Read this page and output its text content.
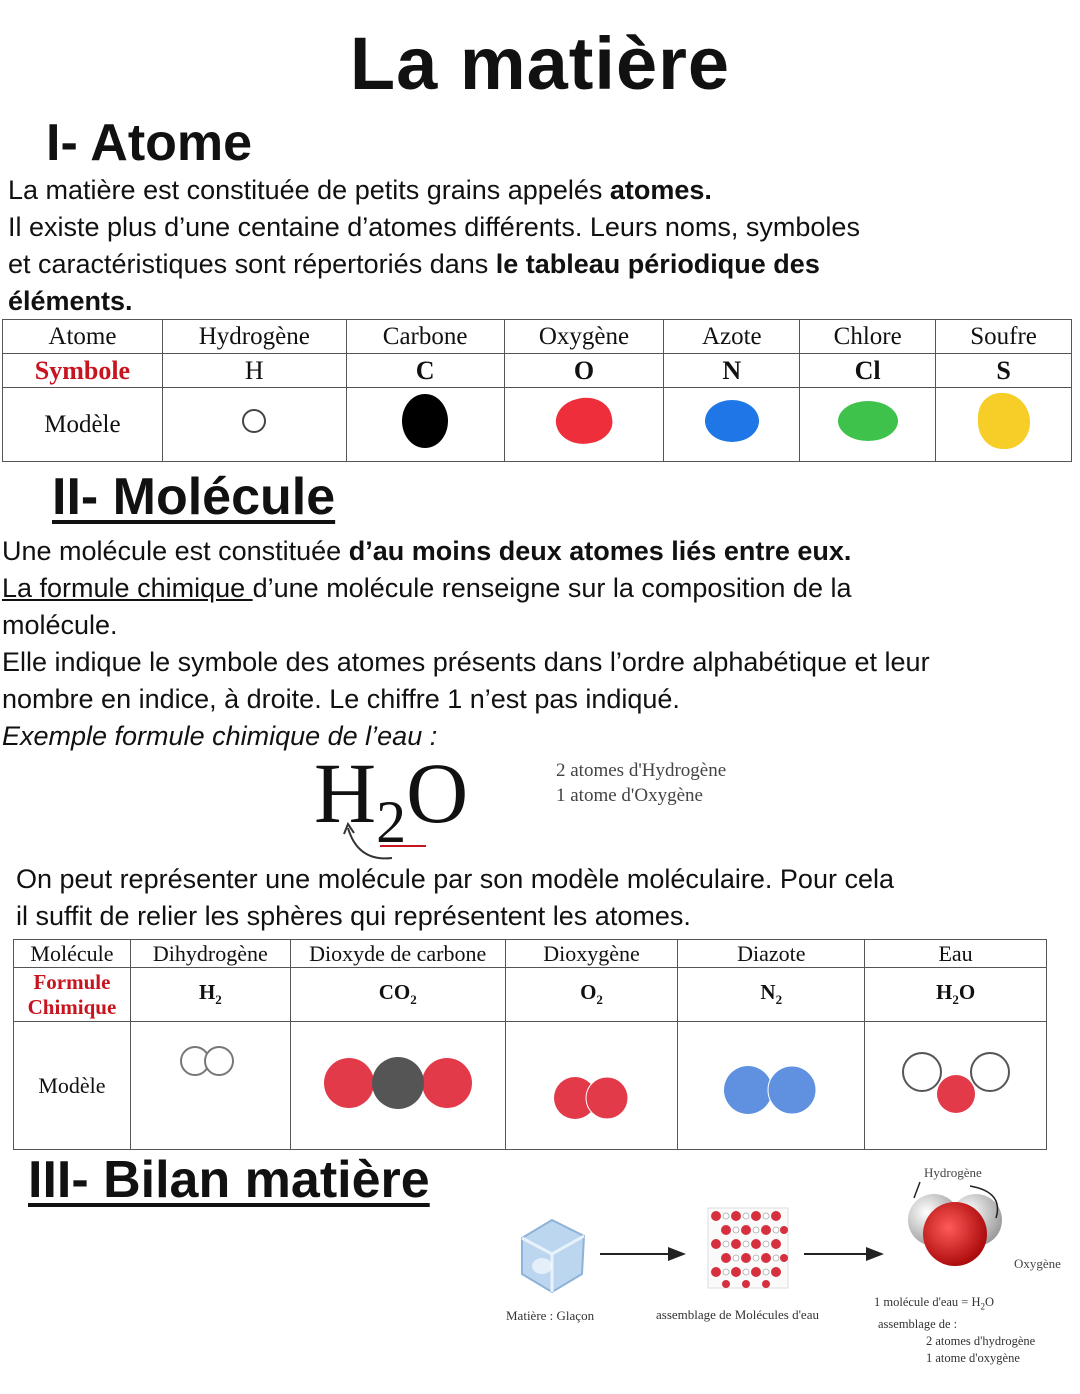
La matière
I- Atome
La matière est constituée de petits grains appelés atomes.
Il existe plus d’une centaine d’atomes différents. Leurs noms, symboles
et caractéristiques sont répertoriés dans le tableau périodique des
éléments.
Atome	Hydrogène	Carbone	Oxygène	Azote	Chlore	Soufre
Symbole	H	C	O	N	Cl	S
Modèle						
II- Molécule
Une molécule est constituée d’au moins deux atomes liés entre eux.
La formule chimique d’une molécule renseigne sur la composition de la
molécule.
Elle indique le symbole des atomes présents dans l’ordre alphabétique et leur
nombre en indice, à droite. Le chiffre 1 n’est pas indiqué.
Exemple formule chimique de l’eau :
$H_2O$	2 atomes d'Hydrogène
1 atome d'Oxygène
On peut représenter une molécule par son modèle moléculaire. Pour cela
il suffit de relier les sphères qui représentent les atomes.
Molécule	Dihydrogène	Dioxyde de carbone	Dioxygène	Diazote	Eau

Formule
Chimique	$H_2$	$CO_2$	$O_2$	$N_2$	$H_2O$
Modèle					
III- Bilan matière	Hydrogène
Oxygène
Matière : Glaçon	assemblage de Molécules d'eau
1 molécule $d'eau = H_2O$
assemblage de :
2 atomes d'hydrogène
1 atome d'oxygène
